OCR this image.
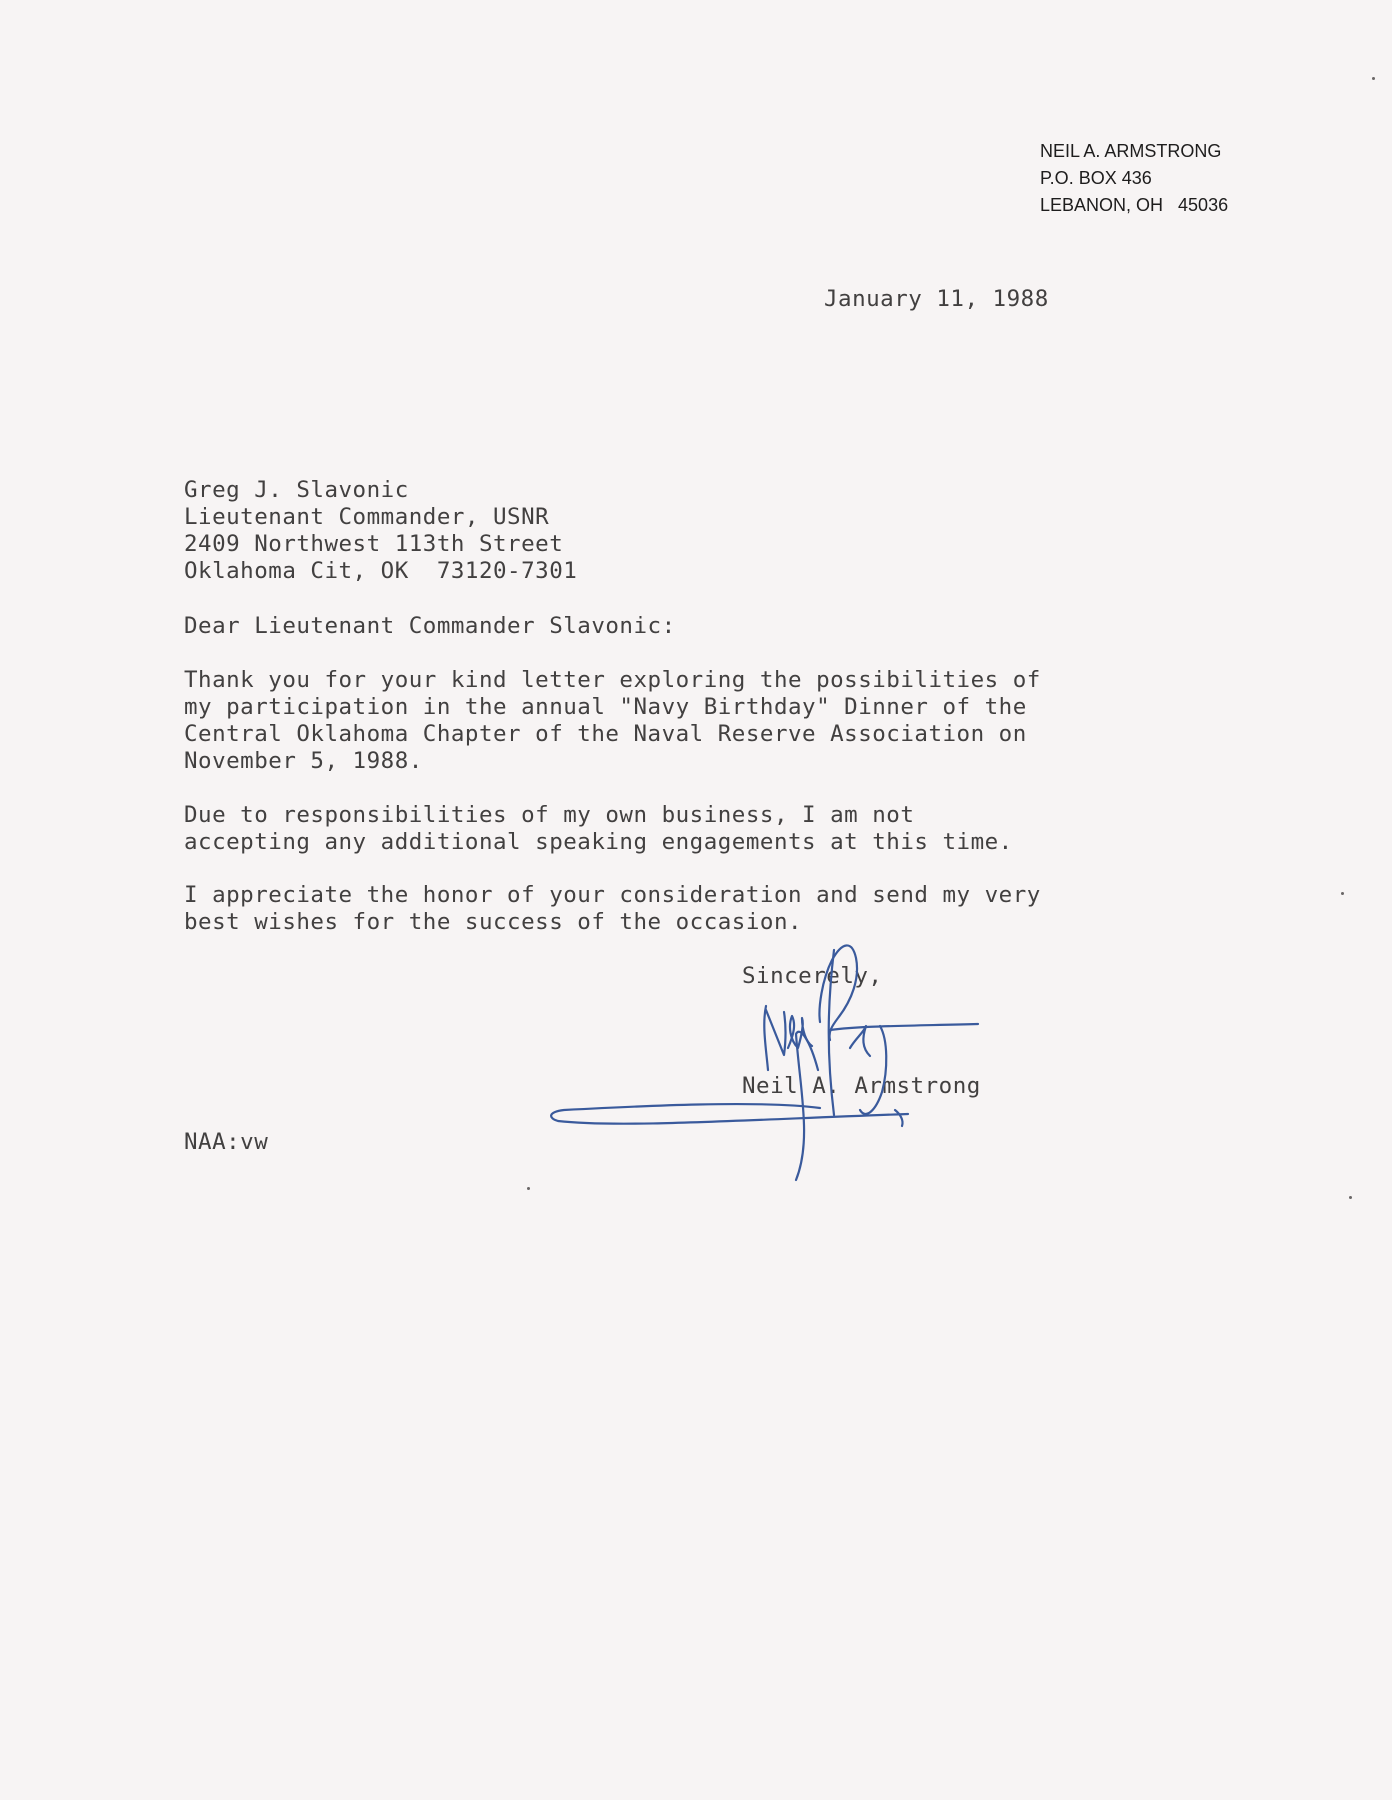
NEIL A. ARMSTRONG
P.O. BOX 436
LEBANON, OH   45036
January 11, 1988
Greg J. Slavonic
Lieutenant Commander, USNR
2409 Northwest 113th Street
Oklahoma Cit, OK  73120-7301
Dear Lieutenant Commander Slavonic:
Thank you for your kind letter exploring the possibilities of
my participation in the annual "Navy Birthday" Dinner of the
Central Oklahoma Chapter of the Naval Reserve Association on
November 5, 1988.
Due to responsibilities of my own business, I am not
accepting any additional speaking engagements at this time.
I appreciate the honor of your consideration and send my very
best wishes for the success of the occasion.
Sincerely,
Neil A. Armstrong
NAA:vw
